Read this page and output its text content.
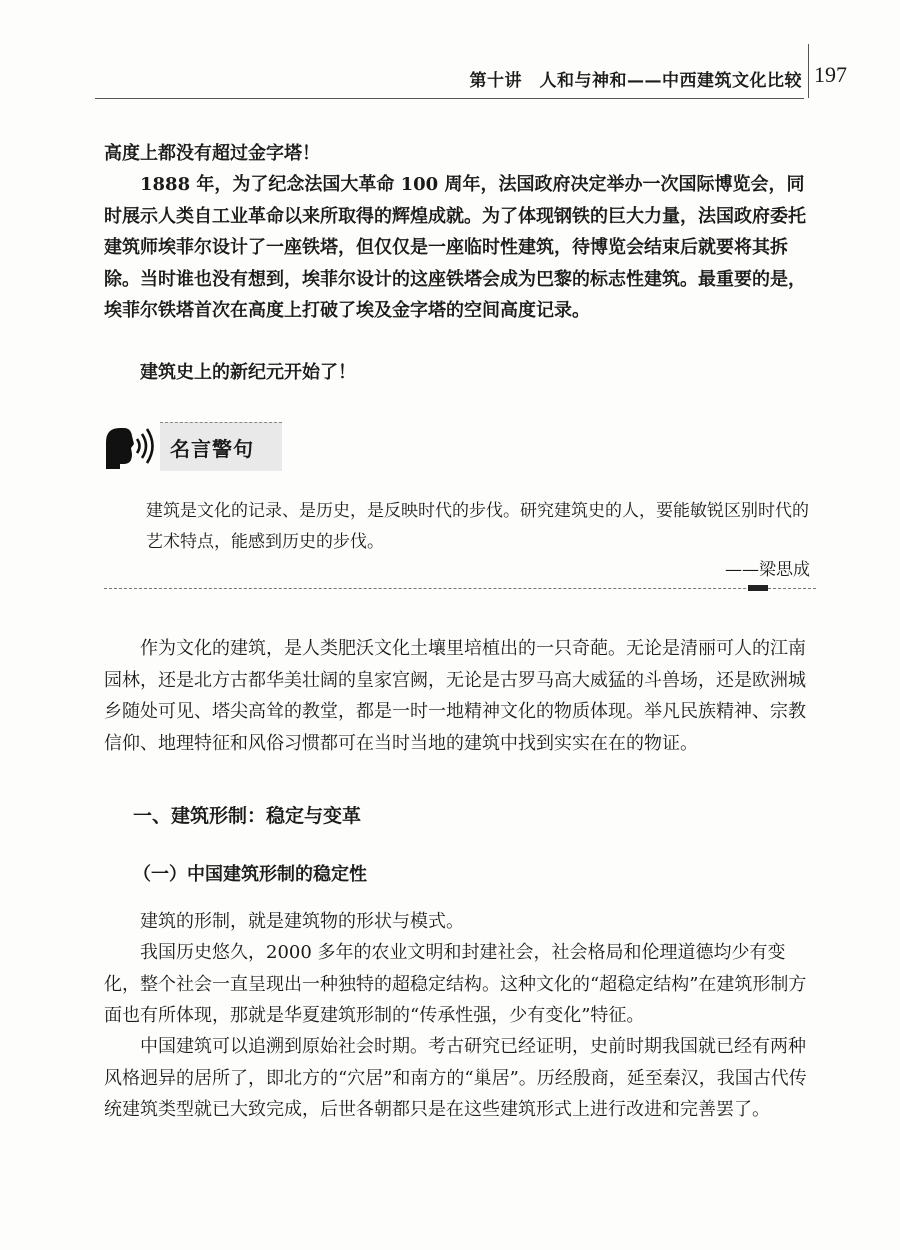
第十讲　人和与神和——中西建筑文化比较 197

高度上都没有超过金字塔！

1888 年，为了纪念法国大革命 100 周年，法国政府决定举办一次国际博览会，同时展示人类自工业革命以来所取得的辉煌成就。为了体现钢铁的巨大力量，法国政府委托建筑师埃菲尔设计了一座铁塔，但仅仅是一座临时性建筑，待博览会结束后就要将其拆除。当时谁也没有想到，埃菲尔设计的这座铁塔会成为巴黎的标志性建筑。最重要的是，埃菲尔铁塔首次在高度上打破了埃及金字塔的空间高度记录。

建筑史上的新纪元开始了！

名言警句

建筑是文化的记录、是历史，是反映时代的步伐。研究建筑史的人，要能敏锐区别时代的艺术特点，能感到历史的步伐。

——梁思成

作为文化的建筑，是人类肥沃文化土壤里培植出的一只奇葩。无论是清丽可人的江南园林，还是北方古都华美壮阔的皇家宫阙，无论是古罗马高大威猛的斗兽场，还是欧洲城乡随处可见、塔尖高耸的教堂，都是一时一地精神文化的物质体现。举凡民族精神、宗教信仰、地理特征和风俗习惯都可在当时当地的建筑中找到实实在在的物证。

一、建筑形制：稳定与变革
（一）中国建筑形制的稳定性

建筑的形制，就是建筑物的形状与模式。

我国历史悠久，2000 多年的农业文明和封建社会，社会格局和伦理道德均少有变化，整个社会一直呈现出一种独特的超稳定结构。这种文化的“超稳定结构”在建筑形制方面也有所体现，那就是华夏建筑形制的“传承性强，少有变化”特征。

中国建筑可以追溯到原始社会时期。考古研究已经证明，史前时期我国就已经有两种风格迥异的居所了，即北方的“穴居”和南方的“巢居”。历经殷商，延至秦汉，我国古代传统建筑类型就已大致完成，后世各朝都只是在这些建筑形式上进行改进和完善罢了。
